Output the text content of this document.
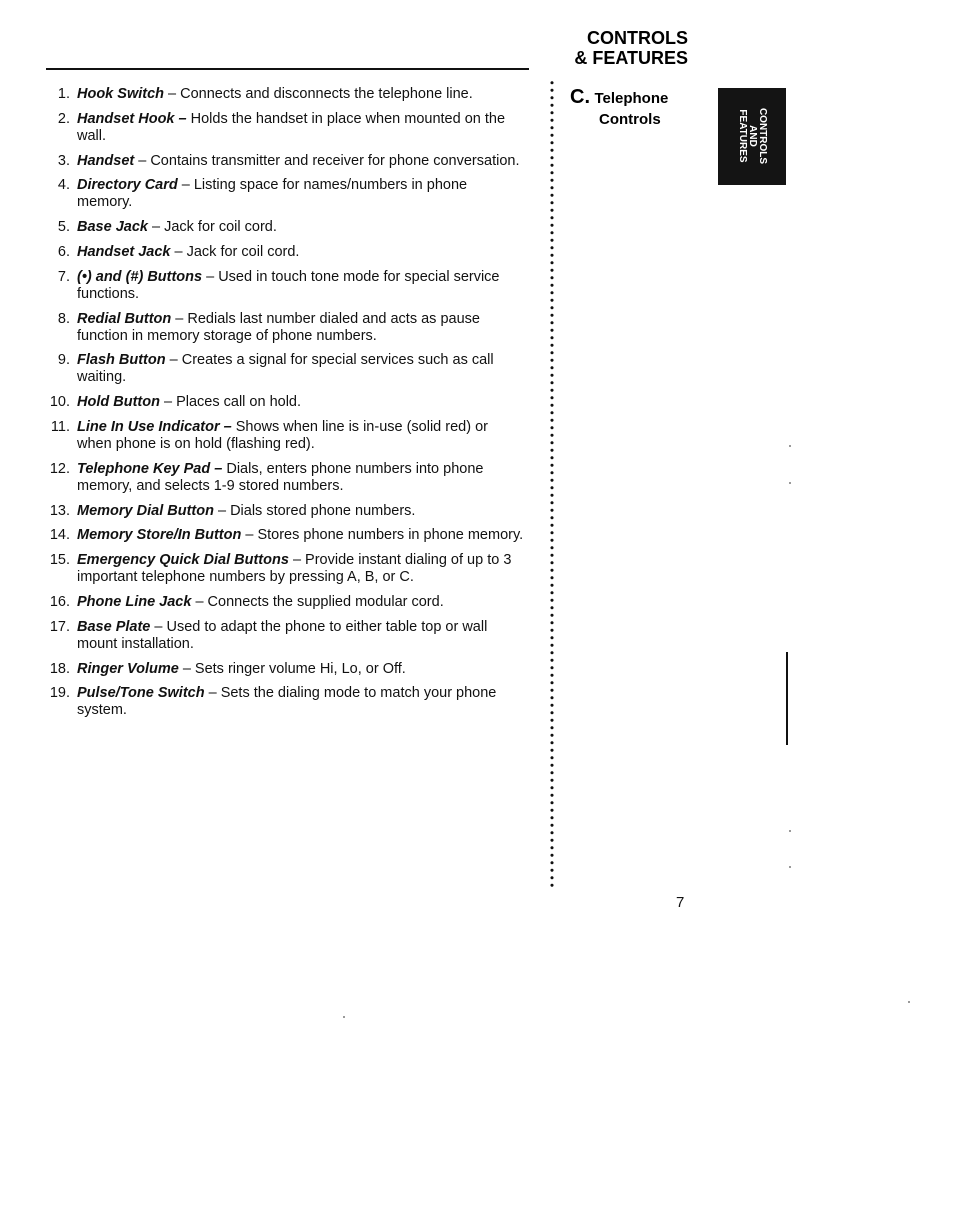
CONTROLS
& FEATURES
1. Hook Switch – Connects and disconnects the telephone line.
2. Handset Hook – Holds the handset in place when mounted on the wall.
3. Handset – Contains transmitter and receiver for phone conversation.
4. Directory Card – Listing space for names/numbers in phone memory.
5. Base Jack – Jack for coil cord.
6. Handset Jack – Jack for coil cord.
7. (•) and (#) Buttons – Used in touch tone mode for special service functions.
8. Redial Button – Redials last number dialed and acts as pause function in memory storage of phone numbers.
9. Flash Button – Creates a signal for special services such as call waiting.
10. Hold Button – Places call on hold.
11. Line In Use Indicator – Shows when line is in-use (solid red) or when phone is on hold (flashing red).
12. Telephone Key Pad – Dials, enters phone numbers into phone memory, and selects 1-9 stored numbers.
13. Memory Dial Button – Dials stored phone numbers.
14. Memory Store/In Button – Stores phone numbers in phone memory.
15. Emergency Quick Dial Buttons – Provide instant dialing of up to 3 important telephone numbers by pressing A, B, or C.
16. Phone Line Jack – Connects the supplied modular cord.
17. Base Plate – Used to adapt the phone to either table top or wall mount installation.
18. Ringer Volume – Sets ringer volume Hi, Lo, or Off.
19. Pulse/Tone Switch – Sets the dialing mode to match your phone system.
C. Telephone
Controls	CONTROLS
AND
FEATURES
7
